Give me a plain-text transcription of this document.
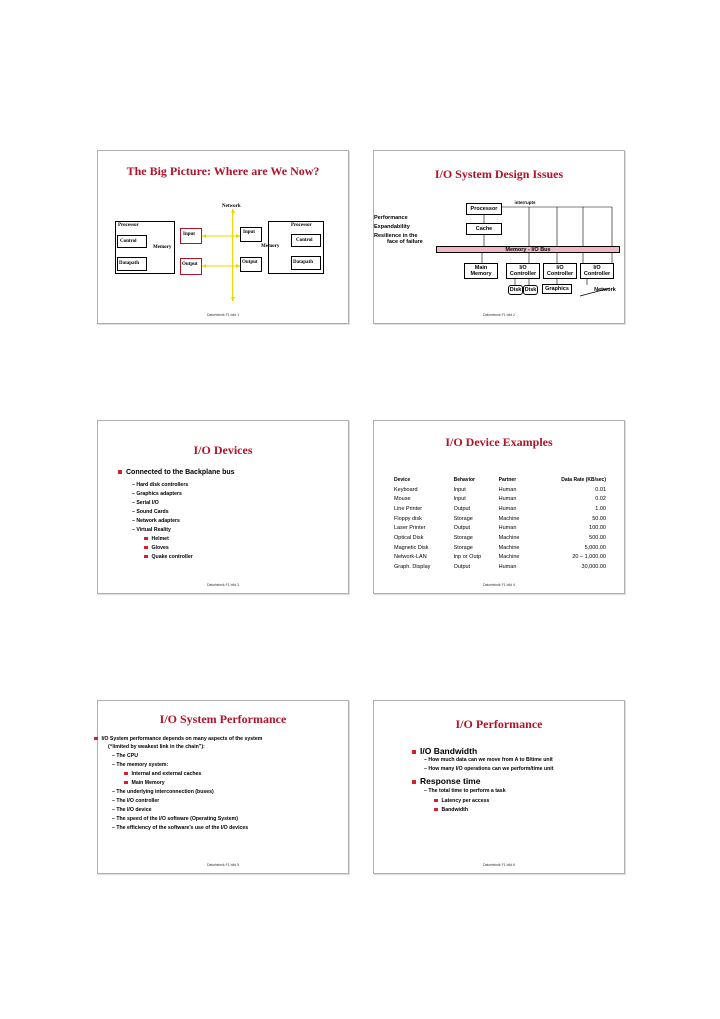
The Big Picture: Where are We Now?
Network
Processor
Control
Memory
Datapath
Input
Output
Input
Output
Processor
Control
Memory
Datapath
Datorteknik F1 bild 1
I/O System Design Issues
Performance
Expandability
Resilience in the
face of failure
interrupts
Processor
Cache
Memory - I/O Bus
Main Memory
I/O Controller
I/O Controller
I/O Controller
Disk Disk	Graphics	Network
Datorteknik F1 bild 2
I/O Devices
Connected to the Backplane bus
– Hard disk controllers
– Graphics adapters
– Serial I/O
– Sound Cards
– Network adapters
– Virtual Reality
Helmet
Gloves
Quake controller
Datorteknik F1 bild 3
I/O Device Examples
Device	Behavior	Partner	Data Rate (KB/sec)
Keyboard	Input	Human	0.01
Mouse	Input	Human	0.02
Line Printer	Output	Human	1.00
Floppy disk	Storage	Machine	50.00
Laser Printer	Output	Human	100.00
Optical Disk	Storage	Machine	500.00
Magnetic Disk	Storage	Machine	5,000.00
Network-LAN	Inp or Outp	Machine	20 – 1,000.00
Graph. Display	Output	Human	30,000.00
Datorteknik F1 bild 4
I/O System Performance
I/O System performance depends on many aspects of the system
(“limited by weakest link in the chain”):
– The CPU
– The memory system:
Internal and external caches
Main Memory
– The underlying interconnection (buses)
– The I/O controller
– The I/O device
– The speed of the I/O software (Operating System)
– The efficiency of the software’s use of the I/O devices
Datorteknik F1 bild 5
I/O Performance
I/O Bandwidth
– How much data can we move from A to B/time unit
– How many I/O operations can we perform/time unit
Response time
– The total time to perform a task
Latency per access
Bandwidth
Datorteknik F1 bild 6
